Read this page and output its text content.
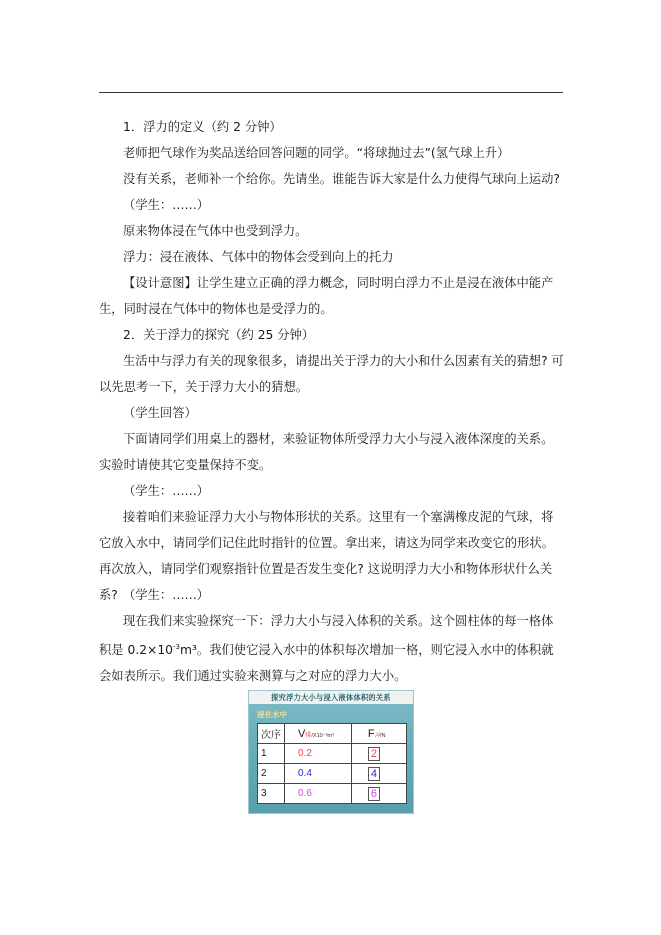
1．浮力的定义（约 2 分钟）

老师把气球作为奖品送给回答问题的同学。“将球抛过去”(氢气球上升）

没有关系，老师补一个给你。先请坐。谁能告诉大家是什么力使得气球向上运动?

（学生：……）

原来物体浸在气体中也受到浮力。

浮力：浸在液体、气体中的物体会受到向上的托力

【设计意图】让学生建立正确的浮力概念，同时明白浮力不止是浸在液体中能产生，同时浸在气体中的物体也是受浮力的。

2．关于浮力的探究（约 25 分钟）

生活中与浮力有关的现象很多，请提出关于浮力的大小和什么因素有关的猜想? 可以先思考一下，关于浮力大小的猜想。

（学生回答）

下面请同学们用桌上的器材，来验证物体所受浮力大小与浸入液体深度的关系。实验时请使其它变量保持不变。

（学生：……）

接着咱们来验证浮力大小与物体形状的关系。这里有一个塞满橡皮泥的气球，将它放入水中，请同学们记住此时指针的位置。拿出来，请这为同学来改变它的形状。再次放入，请同学们观察指针位置是否发生变化? 这说明浮力大小和物体形状什么关系? （学生：……）

现在我们来实验探究一下：浮力大小与浸入体积的关系。这个圆柱体的每一格体积是 $0.2\times 10^{-3}m^3$。我们使它浸入水中的体积每次增加一格，则它浸入水中的体积就会如表所示。我们通过实验来测算与之对应的浮力大小。

探究浮力大小与浸入液体体积的关系
浸在水中
次序	V排/X10⁻³m³	F浮/N
1	0.2	2
2	0.4	4
3	0.6	6
